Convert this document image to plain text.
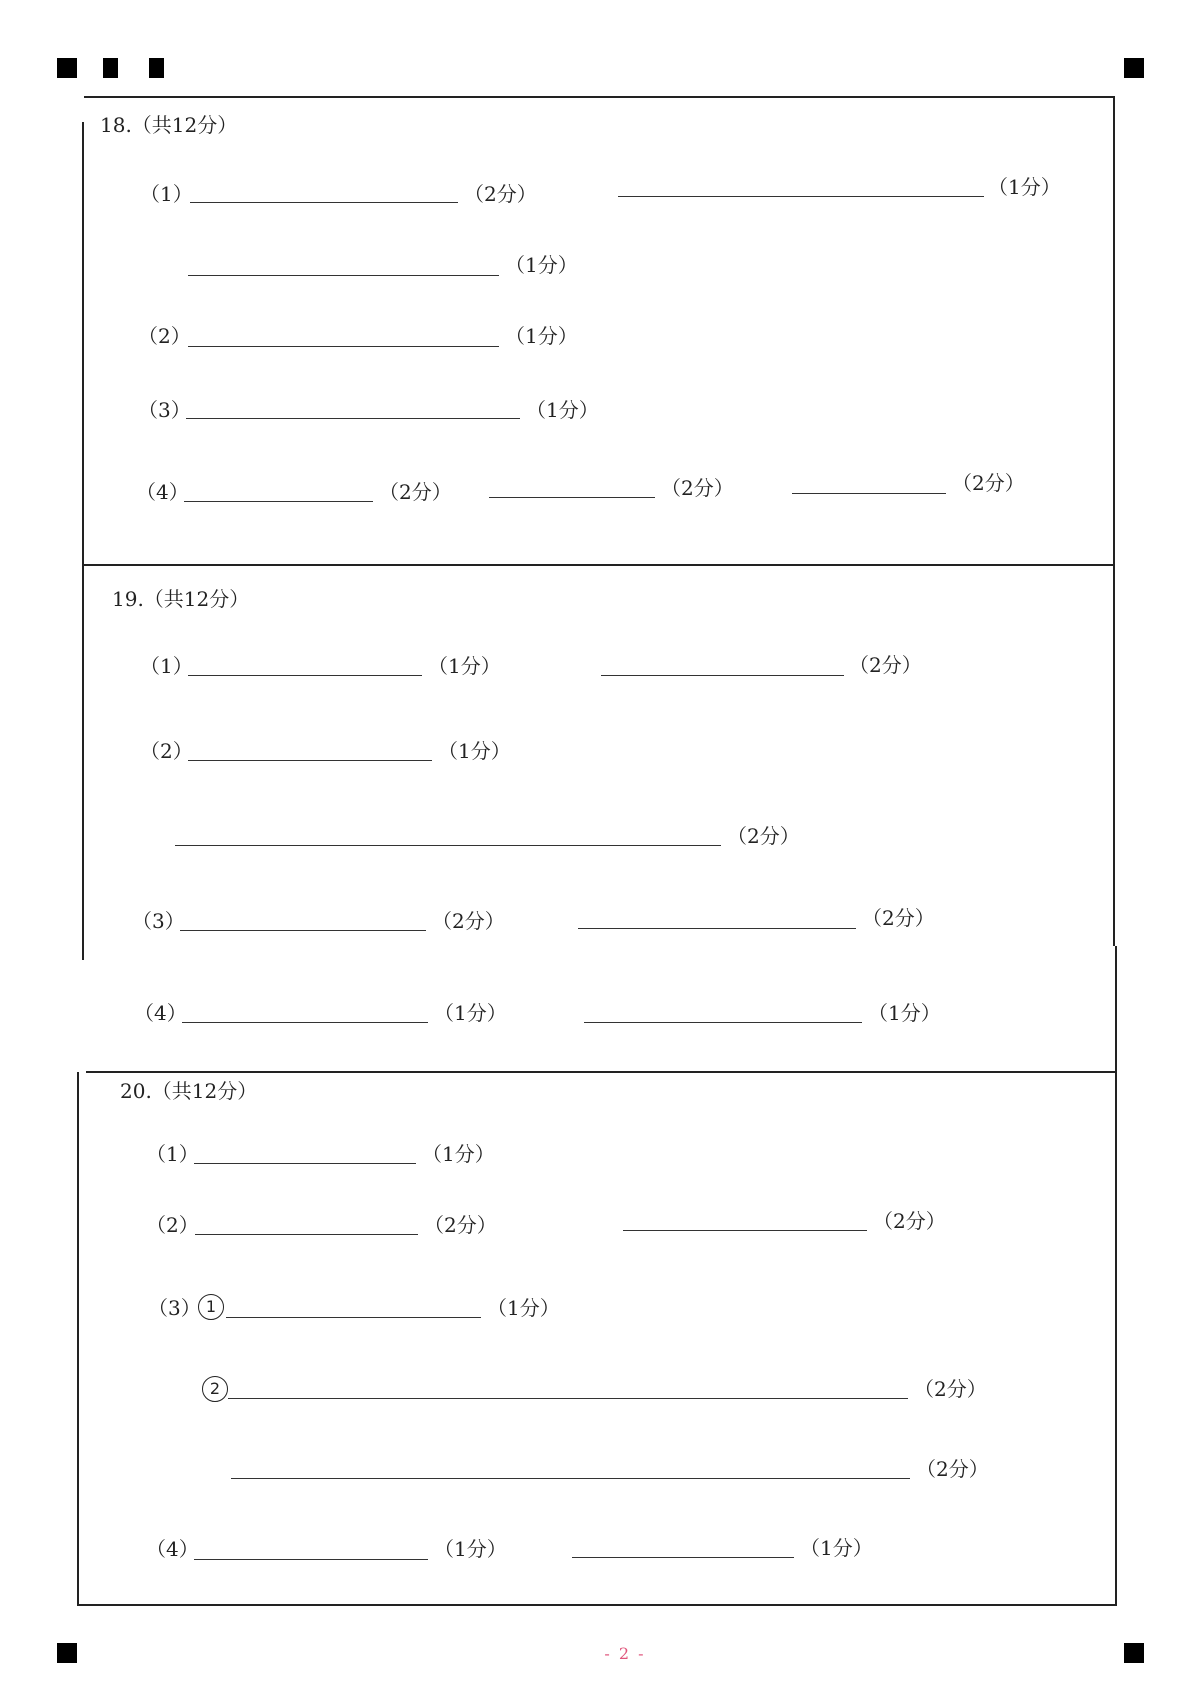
18.（共12分）
（1）	（2分）	（1分）
（1分）
（2）	（1分）
（3）	（1分）
（4）	（2分）	（2分）	（2分）
19.（共12分）
（1）	（1分）	（2分）
（2）	（1分）
（2分）
（3）	（2分）	（2分）
（4）	（1分）	（1分）
20.（共12分）
（1）	（1分）
（2）	（2分）	（2分）
（3） 1	（1分）
2	（2分）
（2分）
（4）	（1分）	（1分）
- 2 -
